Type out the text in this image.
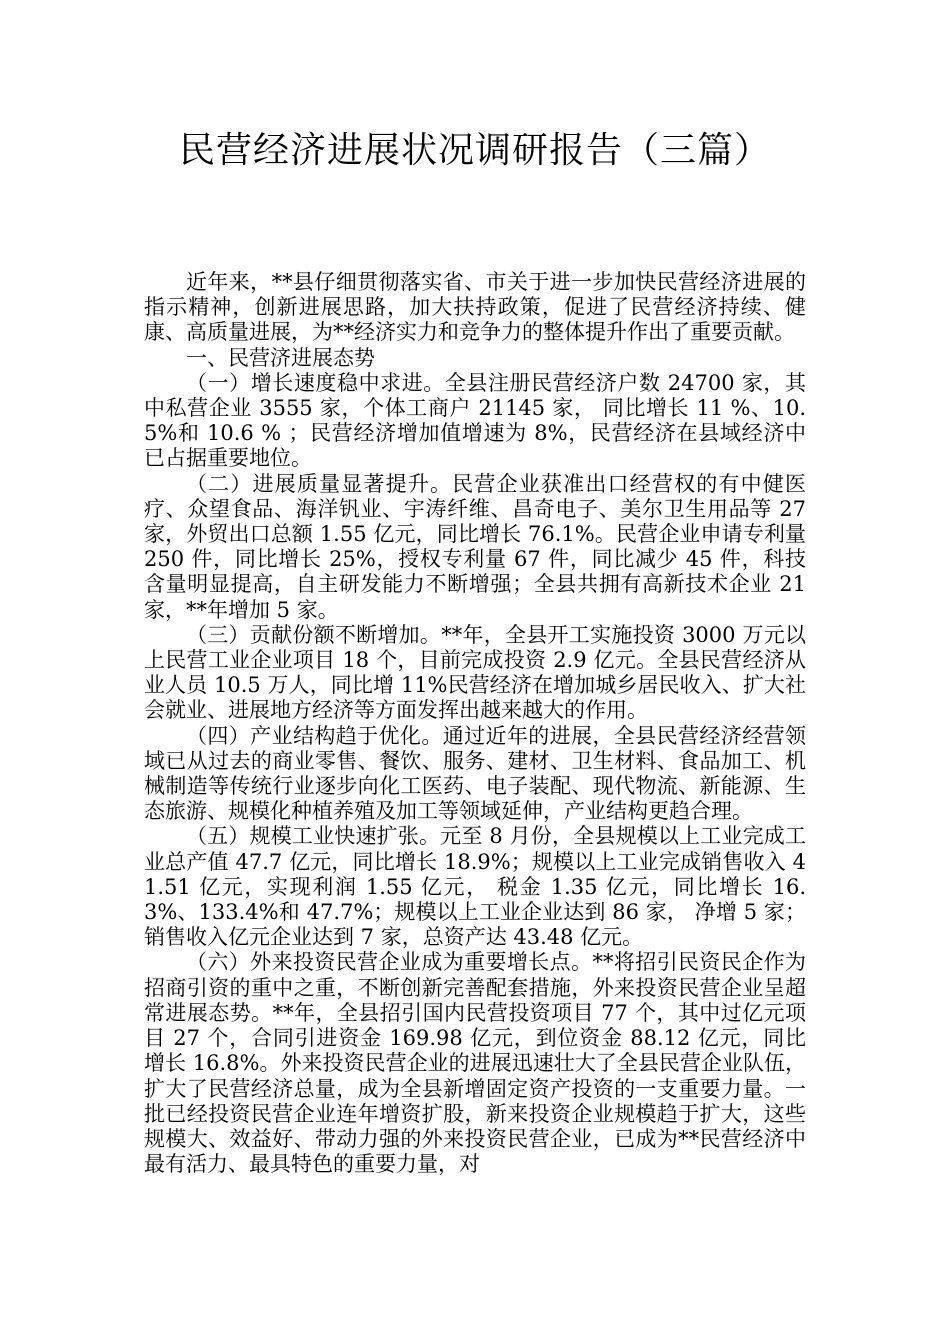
民营经济进展状况调研报告（三篇）

近年来，**县仔细贯彻落实省、市关于进一步加快民营经济进展的指示精神，创新进展思路，加大扶持政策，促进了民营经济持续、健康、高质量进展，为**经济实力和竞争力的整体提升作出了重要贡献。

一、民营济进展态势

（一）增长速度稳中求进。全县注册民营经济户数 24700 家，其中私营企业 3555 家，个体工商户 21145 家， 同比增长 11 %、10.5%和 10.6 % ；民营经济增加值增速为 8%，民营经济在县域经济中已占据重要地位。

（二）进展质量显著提升。民营企业获准出口经营权的有中健医疗、众望食品、海洋钒业、宇涛纤维、昌奇电子、美尔卫生用品等 27 家，外贸出口总额 1.55 亿元，同比增长 76.1%。民营企业申请专利量 250 件，同比增长 25%，授权专利量 67 件，同比减少 45 件，科技含量明显提高，自主研发能力不断增强；全县共拥有高新技术企业 21 家，**年增加 5 家。

（三）贡献份额不断增加。**年，全县开工实施投资 3000 万元以上民营工业企业项目 18 个，目前完成投资 2.9 亿元。全县民营经济从业人员 10.5 万人，同比增 11%民营经济在增加城乡居民收入、扩大社会就业、进展地方经济等方面发挥出越来越大的作用。

（四）产业结构趋于优化。通过近年的进展，全县民营经济经营领域已从过去的商业零售、餐饮、服务、建材、卫生材料、食品加工、机械制造等传统行业逐步向化工医药、电子装配、现代物流、新能源、生态旅游、规模化种植养殖及加工等领域延伸，产业结构更趋合理。

（五）规模工业快速扩张。元至 8 月份，全县规模以上工业完成工业总产值 47.7 亿元，同比增长 18.9%；规模以上工业完成销售收入 41.51 亿元，实现利润 1.55 亿元， 税金 1.35 亿元，同比增长 16.3%、133.4%和 47.7%；规模以上工业企业达到 86 家， 净增 5 家；销售收入亿元企业达到 7 家，总资产达 43.48 亿元。

（六）外来投资民营企业成为重要增长点。**将招引民资民企作为招商引资的重中之重，不断创新完善配套措施，外来投资民营企业呈超常进展态势。**年，全县招引国内民营投资项目 77 个，其中过亿元项目 27 个，合同引进资金 169.98 亿元，到位资金 88.12 亿元，同比增长 16.8%。外来投资民营企业的进展迅速壮大了全县民营企业队伍，扩大了民营经济总量，成为全县新增固定资产投资的一支重要力量。一批已经投资民营企业连年增资扩股，新来投资企业规模趋于扩大，这些规模大、效益好、带动力强的外来投资民营企业，已成为**民营经济中最有活力、最具特色的重要力量，对
